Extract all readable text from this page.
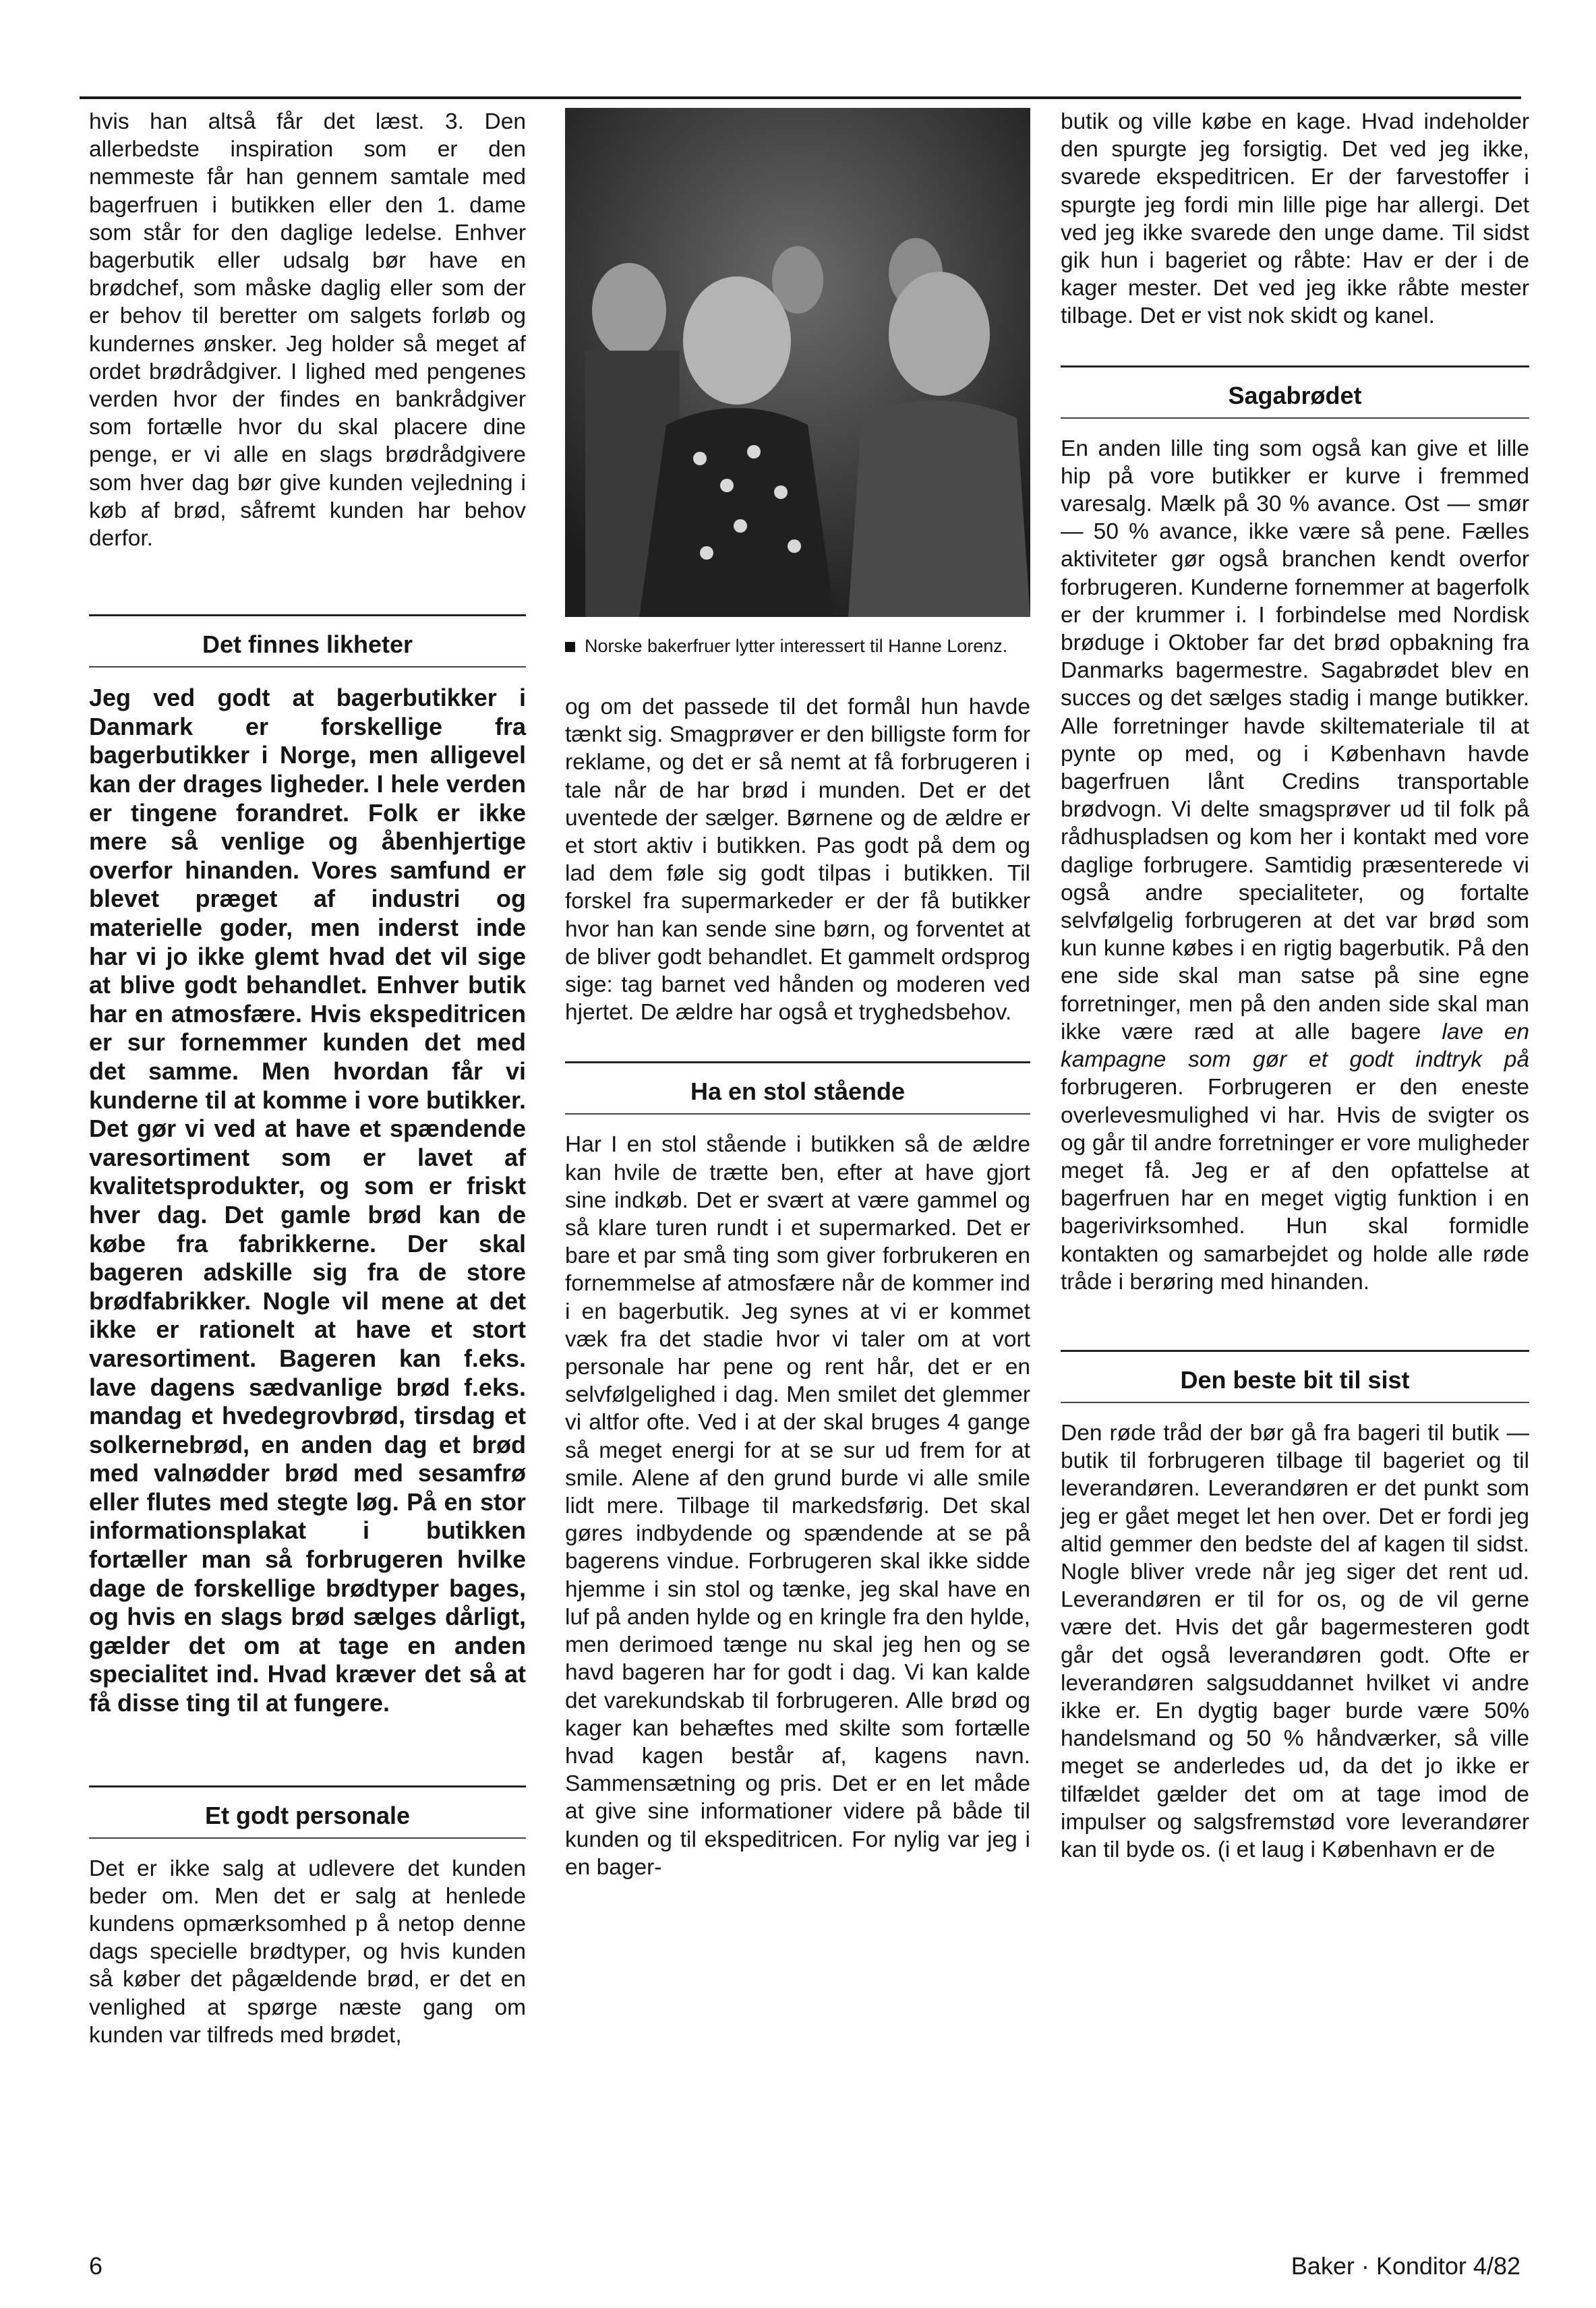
hvis han altså får det læst. 3. Den allerbedste inspiration som er den nemmeste får han gennem samtale med bagerfruen i butikken eller den 1. dame som står for den daglige ledelse. Enhver bagerbutik eller udsalg bør have en brødchef, som måske daglig eller som der er behov til beretter om salgets forløb og kundernes ønsker. Jeg holder så meget af ordet brødrådgiver. I lighed med pengenes verden hvor der findes en bankrådgiver som fortælle hvor du skal placere dine penge, er vi alle en slags brødrådgivere som hver dag bør give kunden vejledning i køb af brød, såfremt kunden har behov derfor.

Det finnes likheter

Jeg ved godt at bagerbutikker i Danmark er forskellige fra bagerbutikker i Norge, men alligevel kan der drages ligheder. I hele verden er tingene forandret. Folk er ikke mere så venlige og åbenhjertige overfor hinanden. Vores samfund er blevet præget af industri og materielle goder, men inderst inde har vi jo ikke glemt hvad det vil sige at blive godt behandlet. Enhver butik har en atmosfære. Hvis ekspeditricen er sur fornemmer kunden det med det samme. Men hvordan får vi kunderne til at komme i vore butikker. Det gør vi ved at have et spændende varesortiment som er lavet af kvalitetsprodukter, og som er friskt hver dag. Det gamle brød kan de købe fra fabrikkerne. Der skal bageren adskille sig fra de store brødfabrikker. Nogle vil mene at det ikke er rationelt at have et stort varesortiment. Bageren kan f.eks. lave dagens sædvanlige brød f.eks. mandag et hvedegrovbrød, tirsdag et solkernebrød, en anden dag et brød med valnødder brød med sesamfrø eller flutes med stegte løg. På en stor informationsplakat i butikken fortæller man så forbrugeren hvilke dage de forskellige brødtyper bages, og hvis en slags brød sælges dårligt, gælder det om at tage en anden specialitet ind. Hvad kræver det så at få disse ting til at fungere.

Et godt personale

Det er ikke salg at udlevere det kunden beder om. Men det er salg at henlede kundens opmærksomhed p å netop denne dags specielle brødtyper, og hvis kunden så køber det pågældende brød, er det en venlighed at spørge næste gang om kunden var tilfreds med brødet,

Norske bakerfruer lytter interessert til Hanne Lorenz.

og om det passede til det formål hun havde tænkt sig. Smagprøver er den billigste form for reklame, og det er så nemt at få forbrugeren i tale når de har brød i munden. Det er det uventede der sælger. Børnene og de ældre er et stort aktiv i butikken. Pas godt på dem og lad dem føle sig godt tilpas i butikken. Til forskel fra supermarkeder er der få butikker hvor han kan sende sine børn, og forventet at de bliver godt behandlet. Et gammelt ordsprog sige: tag barnet ved hånden og moderen ved hjertet. De ældre har også et tryghedsbehov.

Ha en stol stående

Har I en stol stående i butikken så de ældre kan hvile de trætte ben, efter at have gjort sine indkøb. Det er svært at være gammel og så klare turen rundt i et supermarked. Det er bare et par små ting som giver forbrukeren en fornemmelse af atmosfære når de kommer ind i en bagerbutik. Jeg synes at vi er kommet væk fra det stadie hvor vi taler om at vort personale har pene og rent hår, det er en selvfølgelighed i dag. Men smilet det glemmer vi altfor ofte. Ved i at der skal bruges 4 gange så meget energi for at se sur ud frem for at smile. Alene af den grund burde vi alle smile lidt mere. Tilbage til markedsførig. Det skal gøres indbydende og spændende at se på bagerens vindue. Forbrugeren skal ikke sidde hjemme i sin stol og tænke, jeg skal have en luf på anden hylde og en kringle fra den hylde, men derimoed tænge nu skal jeg hen og se havd bageren har for godt i dag. Vi kan kalde det varekundskab til forbrugeren. Alle brød og kager kan behæftes med skilte som fortælle hvad kagen består af, kagens navn. Sammensætning og pris. Det er en let måde at give sine informationer videre på både til kunden og til ekspeditricen. For nylig var jeg i en bager-

butik og ville købe en kage. Hvad indeholder den spurgte jeg forsigtig. Det ved jeg ikke, svarede ekspeditricen. Er der farvestoffer i spurgte jeg fordi min lille pige har allergi. Det ved jeg ikke svarede den unge dame. Til sidst gik hun i bageriet og råbte: Hav er der i de kager mester. Det ved jeg ikke råbte mester tilbage. Det er vist nok skidt og kanel.

Sagabrødet

En anden lille ting som også kan give et lille hip på vore butikker er kurve i fremmed varesalg. Mælk på 30 % avance. Ost — smør — 50 % avance, ikke være så pene. Fælles aktiviteter gør også branchen kendt overfor forbrugeren. Kunderne fornemmer at bagerfolk er der krummer i. I forbindelse med Nordisk brøduge i Oktober far det brød opbakning fra Danmarks bagermestre. Sagabrødet blev en succes og det sælges stadig i mange butikker. Alle forretninger havde skiltemateriale til at pynte op med, og i København havde bagerfruen lånt Credins transportable brødvogn. Vi delte smagsprøver ud til folk på rådhuspladsen og kom her i kontakt med vore daglige forbrugere. Samtidig præsenterede vi også andre specialiteter, og fortalte selvfølgelig forbrugeren at det var brød som kun kunne købes i en rigtig bagerbutik. På den ene side skal man satse på sine egne forretninger, men på den anden side skal man ikke være ræd at alle bagere lave en kampagne som gør et godt indtryk på forbrugeren. Forbrugeren er den eneste overlevesmulighed vi har. Hvis de svigter os og går til andre forretninger er vore muligheder meget få. Jeg er af den opfattelse at bagerfruen har en meget vigtig funktion i en bagerivirksomhed. Hun skal formidle kontakten og samarbejdet og holde alle røde tråde i berøring med hinanden.

Den beste bit til sist

Den røde tråd der bør gå fra bageri til butik — butik til forbrugeren tilbage til bageriet og til leverandøren. Leverandøren er det punkt som jeg er gået meget let hen over. Det er fordi jeg altid gemmer den bedste del af kagen til sidst. Nogle bliver vrede når jeg siger det rent ud. Leverandøren er til for os, og de vil gerne være det. Hvis det går bagermesteren godt går det også leverandøren godt. Ofte er leverandøren salgsuddannet hvilket vi andre ikke er. En dygtig bager burde være 50% handelsmand og 50 % håndværker, så ville meget se anderledes ud, da det jo ikke er tilfældet gælder det om at tage imod de impulser og salgsfremstød vore leverandører kan til byde os. (i et laug i København er de

6	Baker · Konditor 4/82
